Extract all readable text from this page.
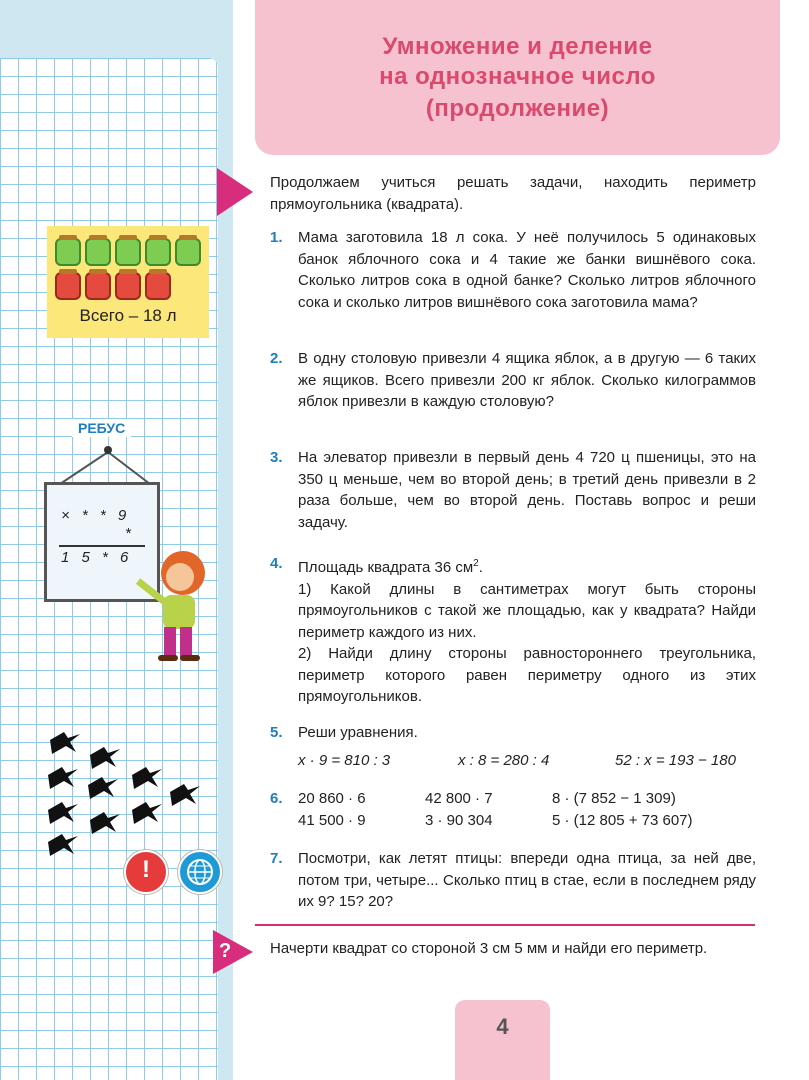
Умножение и деление
на однозначное число
(продолжение)

Продолжаем учиться решать задачи, находить периметр прямоугольника (квадрата).

1. Мама заготовила 18 л сока. У неё получилось 5 одинаковых банок яблочного сока и 4 такие же банки вишнёвого сока. Сколько литров сока в одной банке? Сколько литров яблочного сока и сколько литров вишнёвого сока заготовила мама?

2. В одну столовую привезли 4 ящика яблок, а в другую — 6 таких же ящиков. Всего привезли 200 кг яблок. Сколько килограммов яблок привезли в каждую столовую?

3. На элеватор привезли в первый день 4 720 ц пшеницы, это на 350 ц меньше, чем во второй день; в третий день привезли в 2 раза больше, чем во второй день. Поставь вопрос и реши задачу.

4. Площадь квадрата 36 $см^2$.

1) Какой длины в сантиметрах могут быть стороны прямоугольников с такой же площадью, как у квадрата? Найди периметр каждого из них.

2) Найди длину стороны равностороннего треугольника, периметр которого равен периметру одного из этих прямоугольников.

5. Реши уравнения.
x · 9 = 810 : 3	x : 8 = 280 : 4	52 : x = 193 − 180
6. 20 860 · 6	42 800 · 7	8 · (7 852 − 1 309)
41 500 · 9	3 · 90 304	5 · (12 805 + 73 607)
7. Посмотри, как летят птицы: впереди одна птица, за ней две, потом три, четыре... Сколько птиц в стае, если в последнем ряду их 9? 15? 20?

?	Начерти квадрат со стороной 3 см 5 мм и найди его периметр.

4
Всего – 18 л
РЕБУС
× * * 9
*
1 5 * 6
!
